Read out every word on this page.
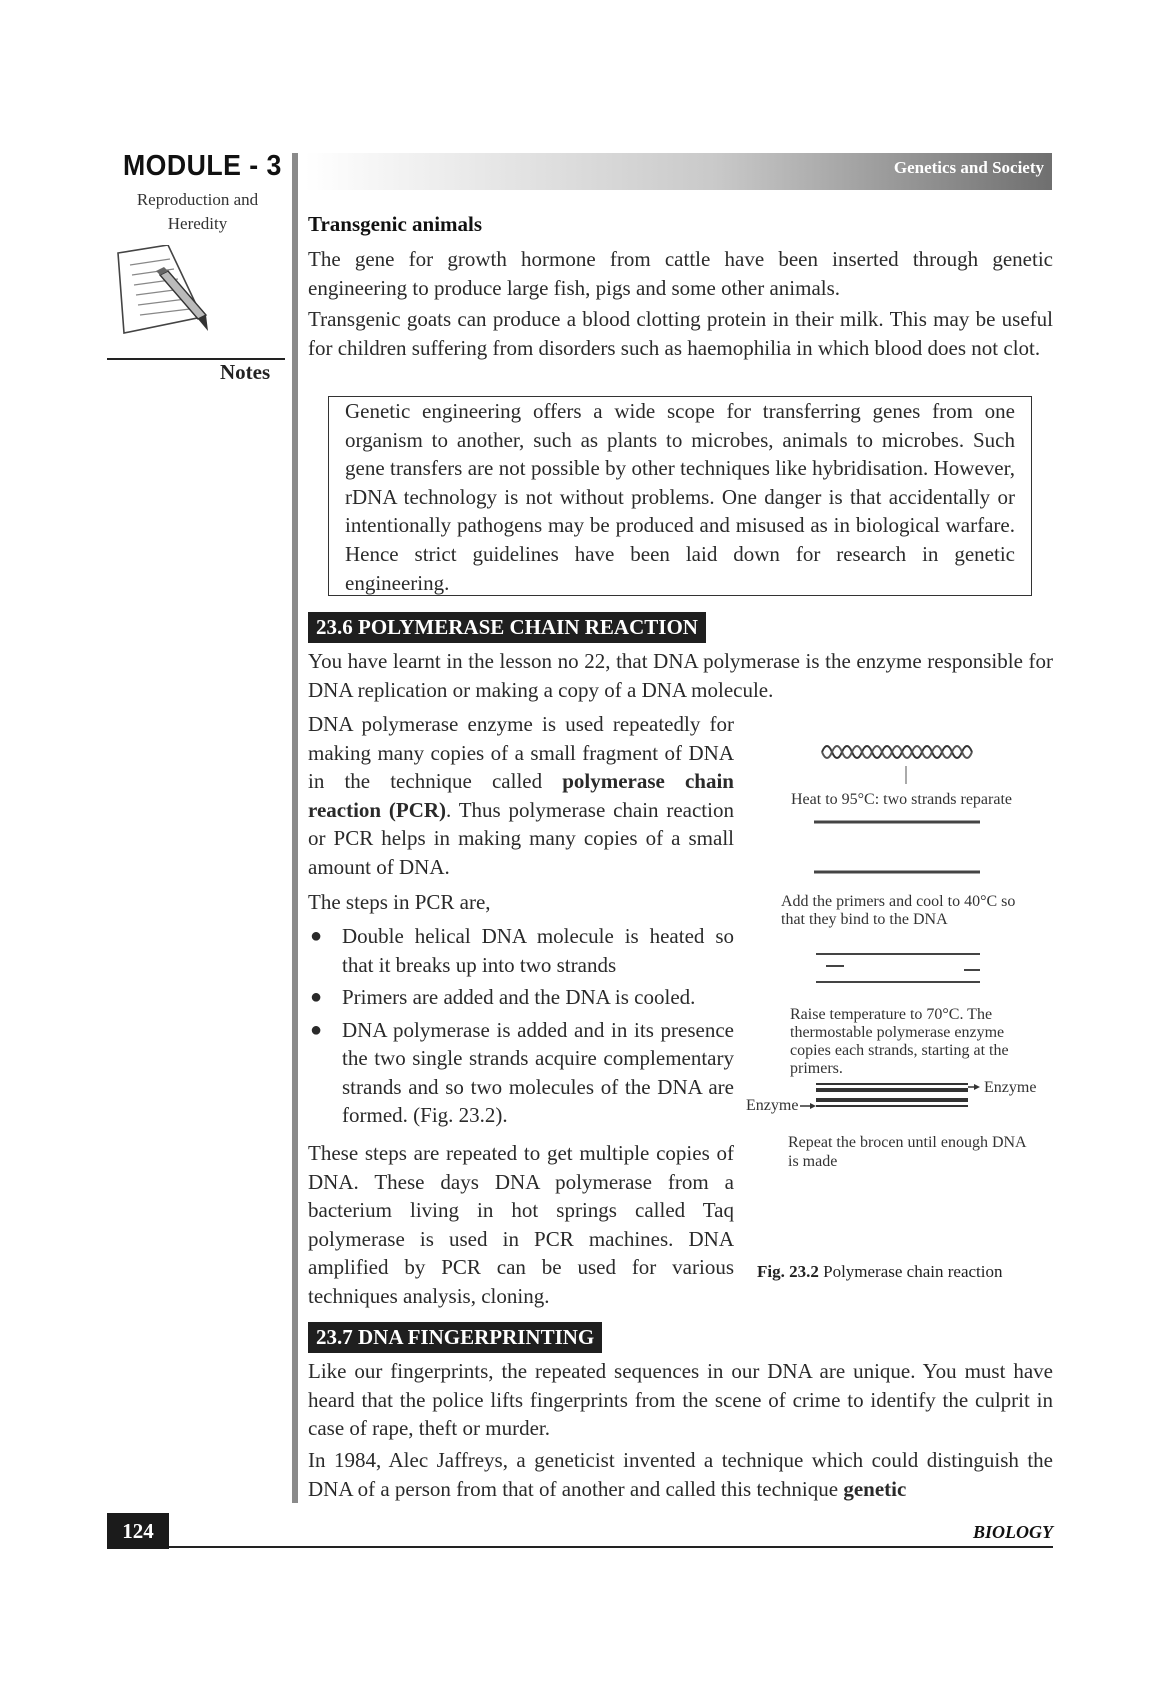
MODULE - 3
Reproduction and Heredity
Notes
Genetics and Society
Transgenic animals
The gene for growth hormone from cattle have been inserted through genetic engineering to produce large fish, pigs and some other animals.
Transgenic goats can produce a blood clotting protein in their milk. This may be useful for children suffering from disorders such as haemophilia in which blood does not clot.
Genetic engineering offers a wide scope for transferring genes from one organism to another, such as plants to microbes, animals to microbes. Such gene transfers are not possible by other techniques like hybridisation. However, rDNA technology is not without problems. One danger is that accidentally or intentionally pathogens may be produced and misused as in biological warfare. Hence strict guidelines have been laid down for research in genetic engineering.
23.6 POLYMERASE CHAIN REACTION
You have learnt in the lesson no 22, that DNA polymerase is the enzyme responsible for DNA replication or making a copy of a DNA molecule.
DNA polymerase enzyme is used repeatedly for making many copies of a small fragment of DNA in the technique called polymerase chain reaction (PCR). Thus polymerase chain reaction or PCR helps in making many copies of a small amount of DNA.
The steps in PCR are,
● Double helical DNA molecule is heated so that it breaks up into two strands
● Primers are added and the DNA is cooled.
● DNA polymerase is added and in its presence the two single strands acquire complementary strands and so two molecules of the DNA are formed. (Fig. 23.2).
These steps are repeated to get multiple copies of DNA. These days DNA polymerase from a bacterium living in hot springs called Taq polymerase is used in PCR machines. DNA amplified by PCR can be used for various techniques analysis, cloning.
Heat to 95°C: two strands reparate
Add the primers and cool to 40°C so
that they bind to the DNA
Raise temperature to 70°C. The
thermostable polymerase enzyme
copies each strands, starting at the
primers.
Enzyme
Enzyme
Repeat the brocen until enough DNA
is made
Fig. 23.2 Polymerase chain reaction
23.7 DNA FINGERPRINTING
Like our fingerprints, the repeated sequences in our DNA are unique. You must have heard that the police lifts fingerprints from the scene of crime to identify the culprit in case of rape, theft or murder.
In 1984, Alec Jaffreys, a geneticist invented a technique which could distinguish the DNA of a person from that of another and called this technique genetic
124	BIOLOGY
